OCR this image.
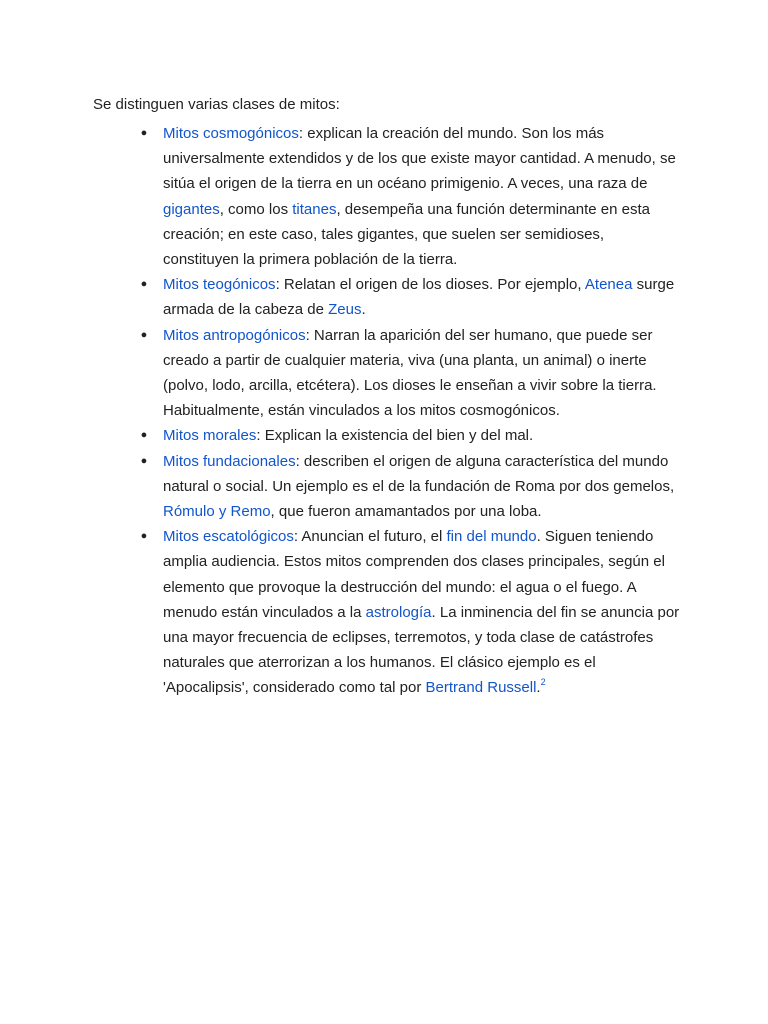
Se distinguen varias clases de mitos:

● Mitos cosmogónicos: explican la creación del mundo. Son los más universalmente extendidos y de los que existe mayor cantidad. A menudo, se sitúa el origen de la tierra en un océano primigenio. A veces, una raza de gigantes, como los titanes, desempeña una función determinante en esta creación; en este caso, tales gigantes, que suelen ser semidioses, constituyen la primera población de la tierra.
● Mitos teogónicos: Relatan el origen de los dioses. Por ejemplo, Atenea surge armada de la cabeza de Zeus.
● Mitos antropogónicos: Narran la aparición del ser humano, que puede ser creado a partir de cualquier materia, viva (una planta, un animal) o inerte (polvo, lodo, arcilla, etcétera). Los dioses le enseñan a vivir sobre la tierra. Habitualmente, están vinculados a los mitos cosmogónicos.
● Mitos morales: Explican la existencia del bien y del mal.
● Mitos fundacionales: describen el origen de alguna característica del mundo natural o social. Un ejemplo es el de la fundación de Roma por dos gemelos, Rómulo y Remo, que fueron amamantados por una loba.
● Mitos escatológicos: Anuncian el futuro, el fin del mundo. Siguen teniendo amplia audiencia. Estos mitos comprenden dos clases principales, según el elemento que provoque la destrucción del mundo: el agua o el fuego. A menudo están vinculados a la astrología. La inminencia del fin se anuncia por una mayor frecuencia de eclipses, terremotos, y toda clase de catástrofes naturales que aterrorizan a los humanos. El clásico ejemplo es el 'Apocalipsis', considerado como tal por Bertrand Russell.$^2$
